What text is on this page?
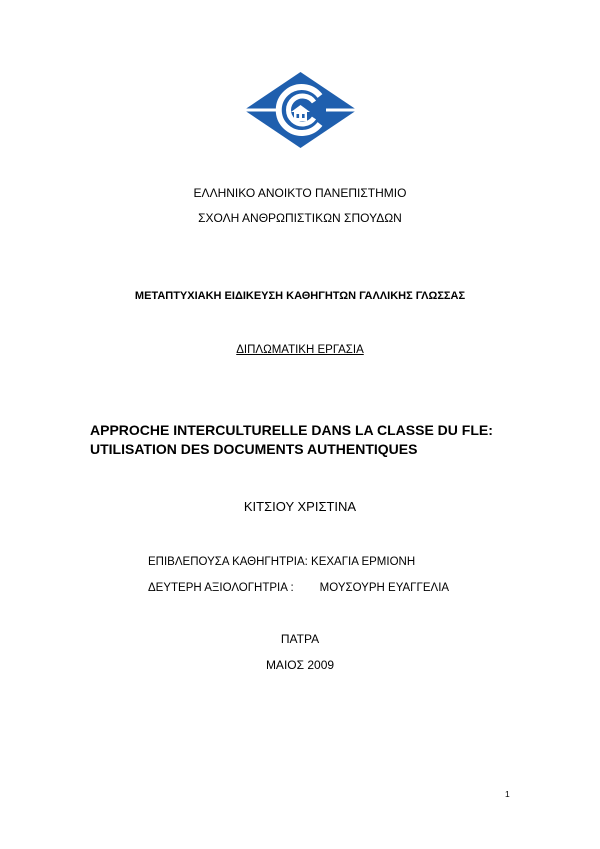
ΕΛΛΗΝΙΚΟ ΑΝΟΙΚΤΟ ΠΑΝΕΠΙΣΤΗΜΙΟ
ΣΧΟΛΗ ΑΝΘΡΩΠΙΣΤΙΚΩΝ ΣΠΟΥΔΩΝ
ΜΕΤΑΠΤΥΧΙΑΚΗ ΕΙΔΙΚΕΥΣΗ ΚΑΘΗΓΗΤΩΝ ΓΑΛΛΙΚΗΣ ΓΛΩΣΣΑΣ
ΔΙΠΛΩΜΑΤΙΚΗ ΕΡΓΑΣΙΑ
APPROCHE INTERCULTURELLE DANS LA CLASSE DU FLE:
UTILISATION DES DOCUMENTS AUTHENTIQUES
ΚΙΤΣΙΟΥ ΧΡΙΣΤΙΝΑ
ΕΠΙΒΛΕΠΟΥΣΑ ΚΑΘΗΓΗΤΡΙΑ: ΚΕΧΑΓΙΑ ΕΡΜΙΟΝΗ
ΔΕΥΤΕΡΗ ΑΞΙΟΛΟΓΗΤΡΙΑ : ΜΟΥΣΟΥΡΗ ΕΥΑΓΓΕΛΙΑ
ΠΑΤΡΑ
ΜΑΙΟΣ 2009
1
